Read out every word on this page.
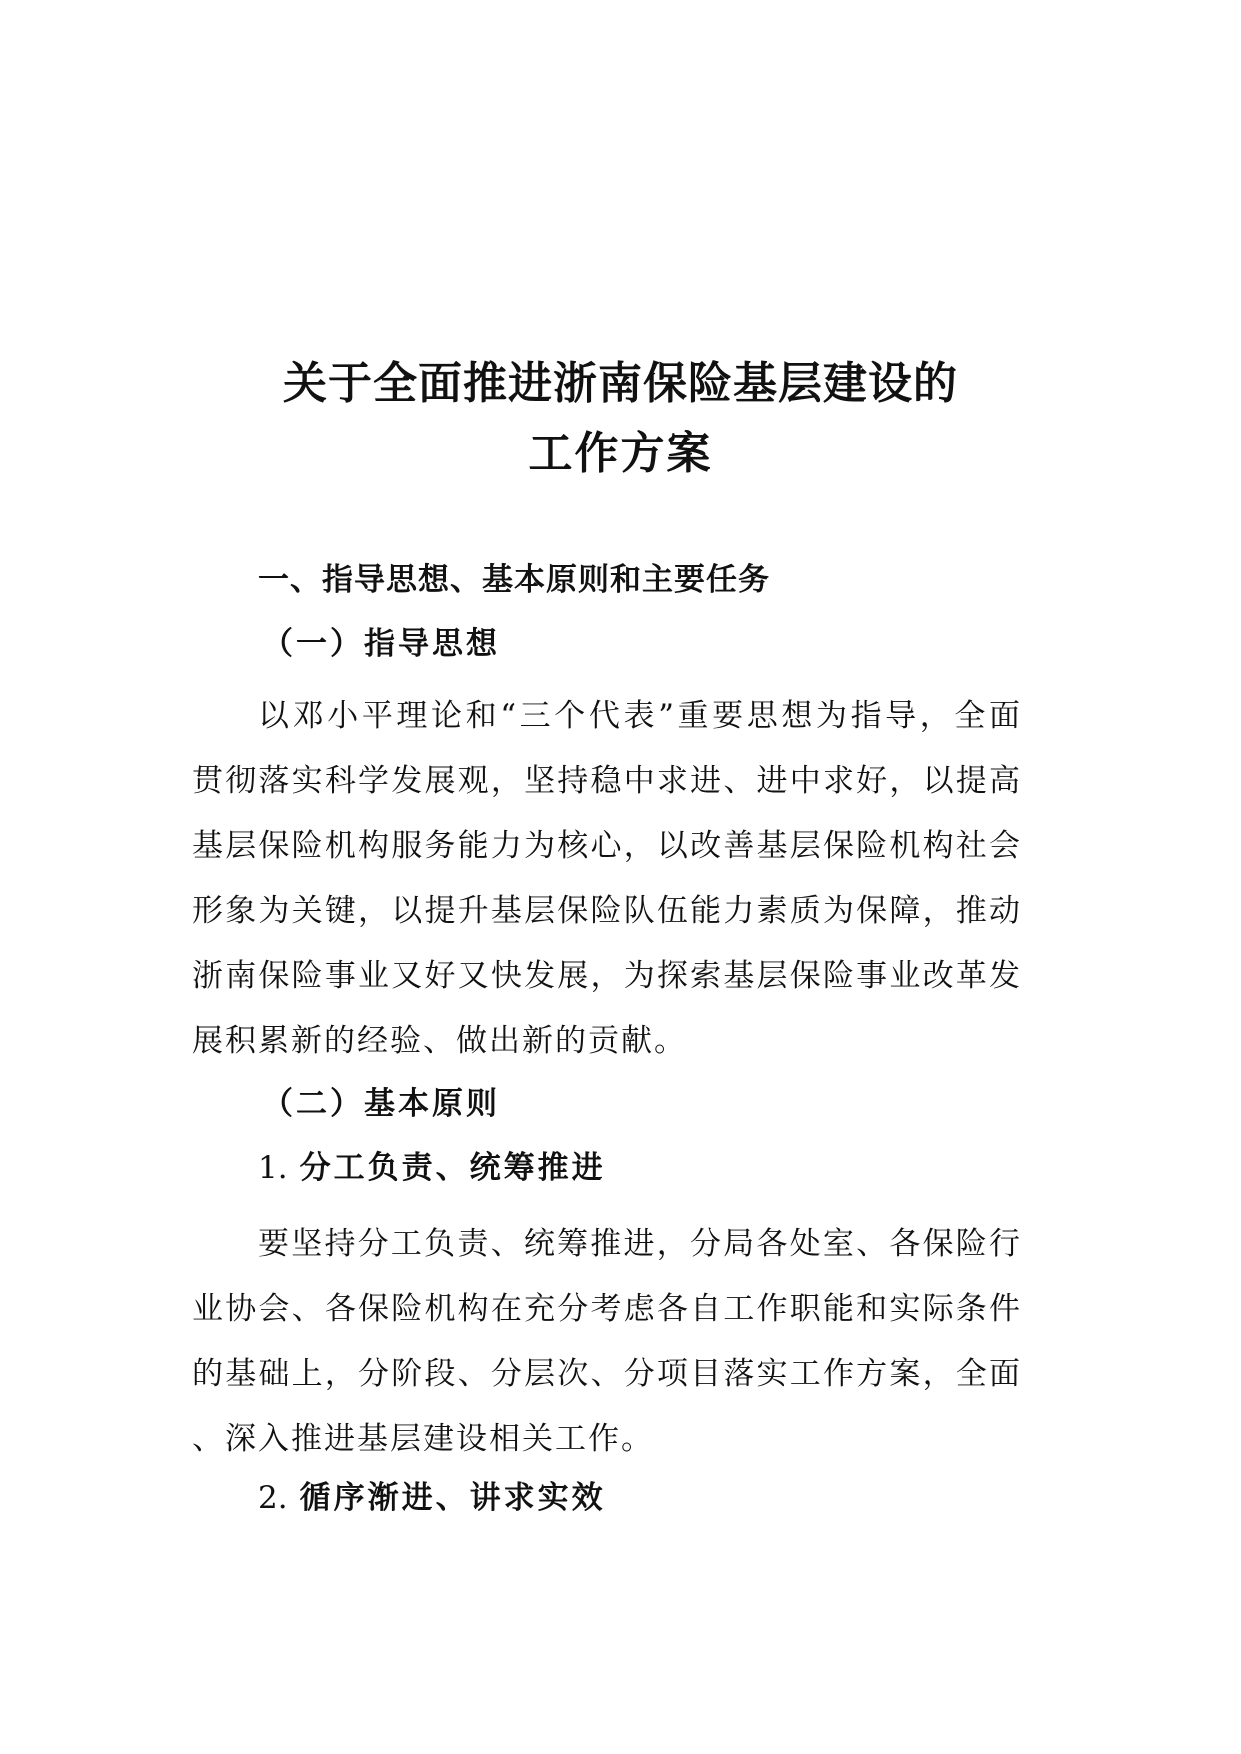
关于全面推进浙南保险基层建设的
工作方案
一、指导思想、基本原则和主要任务
（一）指导思想
以邓小平理论和“三个代表”重要思想为指导，全面
贯彻落实科学发展观，坚持稳中求进、进中求好，以提高
基层保险机构服务能力为核心，以改善基层保险机构社会
形象为关键，以提升基层保险队伍能力素质为保障，推动
浙南保险事业又好又快发展，为探索基层保险事业改革发
展积累新的经验、做出新的贡献。
（二）基本原则
1. 分工负责、统筹推进
要坚持分工负责、统筹推进，分局各处室、各保险行
业协会、各保险机构在充分考虑各自工作职能和实际条件
的基础上，分阶段、分层次、分项目落实工作方案，全面
、深入推进基层建设相关工作。
2. 循序渐进、讲求实效
